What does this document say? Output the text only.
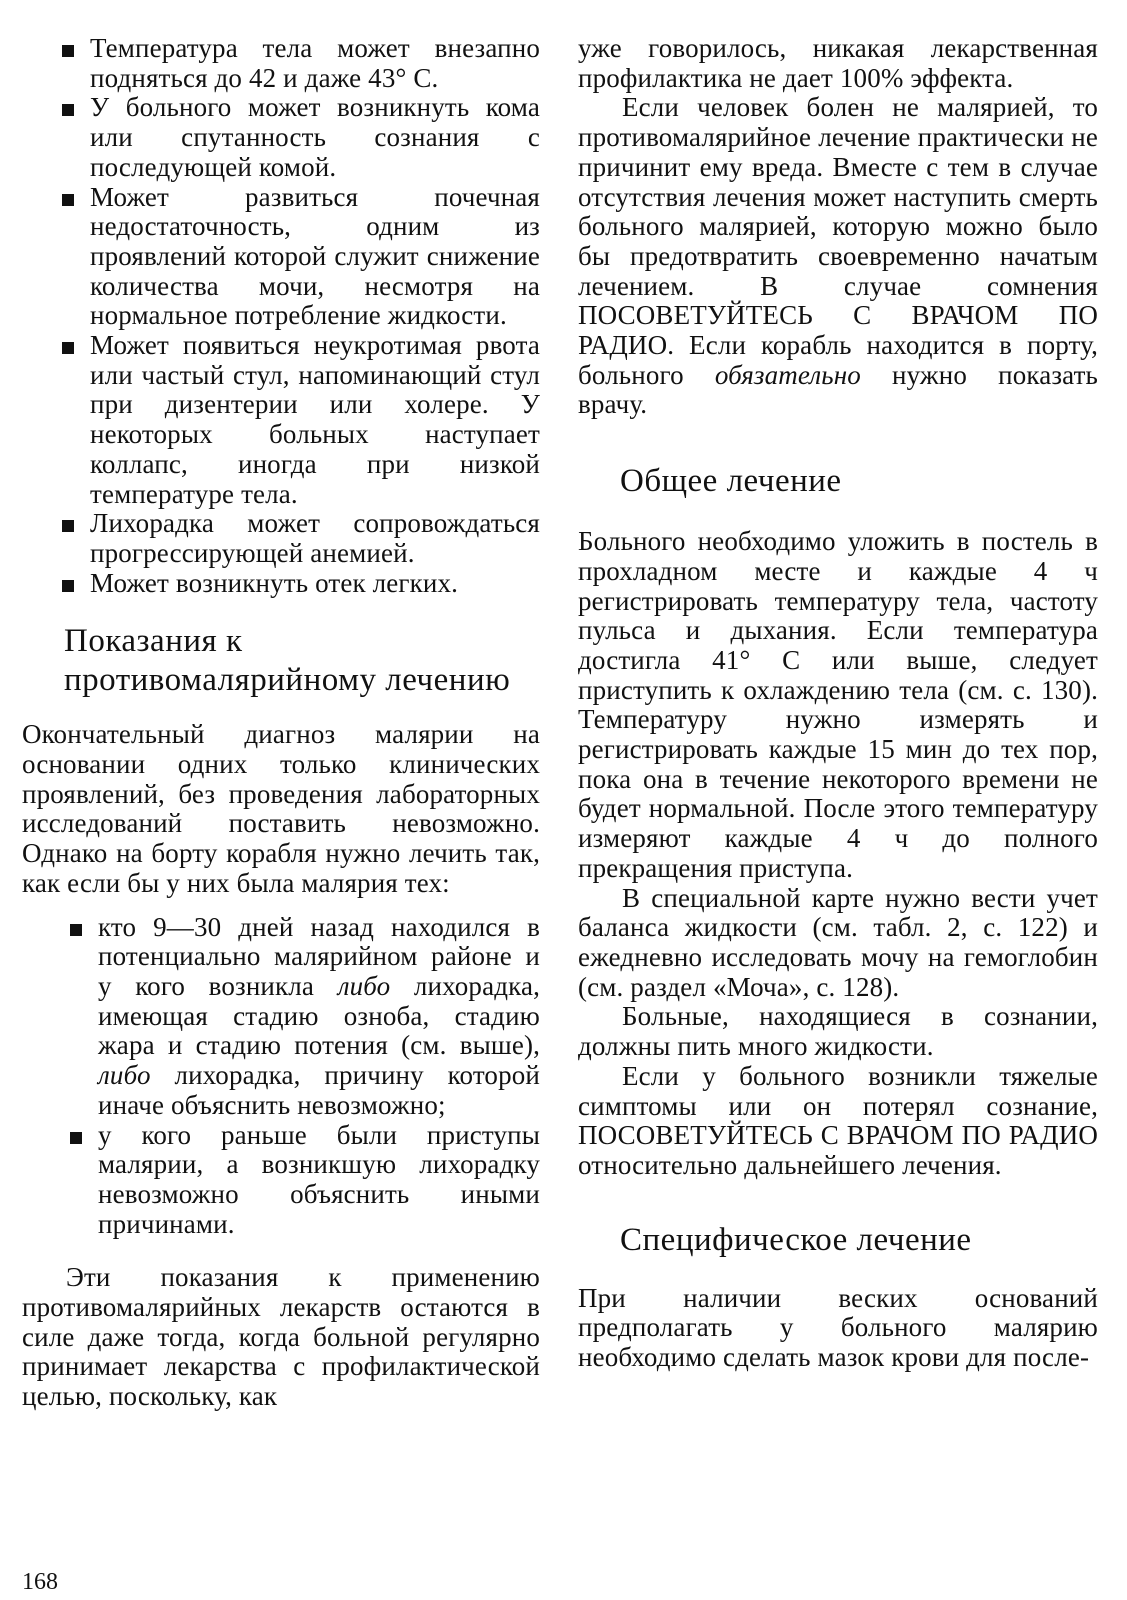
Температура тела может внезапно подняться до 42 и даже 43° С.
У больного может возникнуть кома или спутанность сознания с последующей комой.
Может развиться почечная недостаточность, одним из проявлений которой служит снижение количества мочи, несмотря на нормальное потребление жидкости.
Может появиться неукротимая рвота или частый стул, напоминающий стул при дизентерии или холере. У некоторых больных наступает коллапс, иногда при низкой температуре тела.
Лихорадка может сопровождаться прогрессирующей анемией.
Может возникнуть отек легких.
Показания к противомалярийному лечению

Окончательный диагноз малярии на основании одних только клинических проявлений, без проведения лабораторных исследований поставить невозможно. Однако на борту корабля нужно лечить так, как если бы у них была малярия тех:

кто 9—30 дней назад находился в потенциально малярийном районе и у кого возникла либо лихорадка, имеющая стадию озноба, стадию жара и стадию потения (см. выше), либо лихорадка, причину которой иначе объяснить невозможно;
у кого раньше были приступы малярии, а возникшую лихорадку невозможно объяснить иными причинами.

Эти показания к применению противомалярийных лекарств остаются в силе даже тогда, когда больной регулярно принимает лекарства с профилактической целью, поскольку, как

уже говорилось, никакая лекарственная профилактика не дает 100% эффекта.

Если человек болен не малярией, то противомалярийное лечение практически не причинит ему вреда. Вместе с тем в случае отсутствия лечения может наступить смерть больного малярией, которую можно было бы предотвратить своевременно начатым лечением. В случае сомнения ПОСОВЕТУЙТЕСЬ С ВРАЧОМ ПО РАДИО. Если корабль находится в порту, больного обязательно нужно показать врачу.

Общее лечение

Больного необходимо уложить в постель в прохладном месте и каждые 4 ч регистрировать температуру тела, частоту пульса и дыхания. Если температура достигла 41° С или выше, следует приступить к охлаждению тела (см. с. 130). Температуру нужно измерять и регистрировать каждые 15 мин до тех пор, пока она в течение некоторого времени не будет нормальной. После этого температуру измеряют каждые 4 ч до полного прекращения приступа.

В специальной карте нужно вести учет баланса жидкости (см. табл. 2, с. 122) и ежедневно исследовать мочу на гемоглобин (см. раздел «Моча», с. 128).

Больные, находящиеся в сознании, должны пить много жидкости.

Если у больного возникли тяжелые симптомы или он потерял сознание, ПОСОВЕТУЙТЕСЬ С ВРАЧОМ ПО РАДИО относительно дальнейшего лечения.

Специфическое лечение

При наличии веских оснований предполагать у больного малярию необходимо сделать мазок крови для после-

168
